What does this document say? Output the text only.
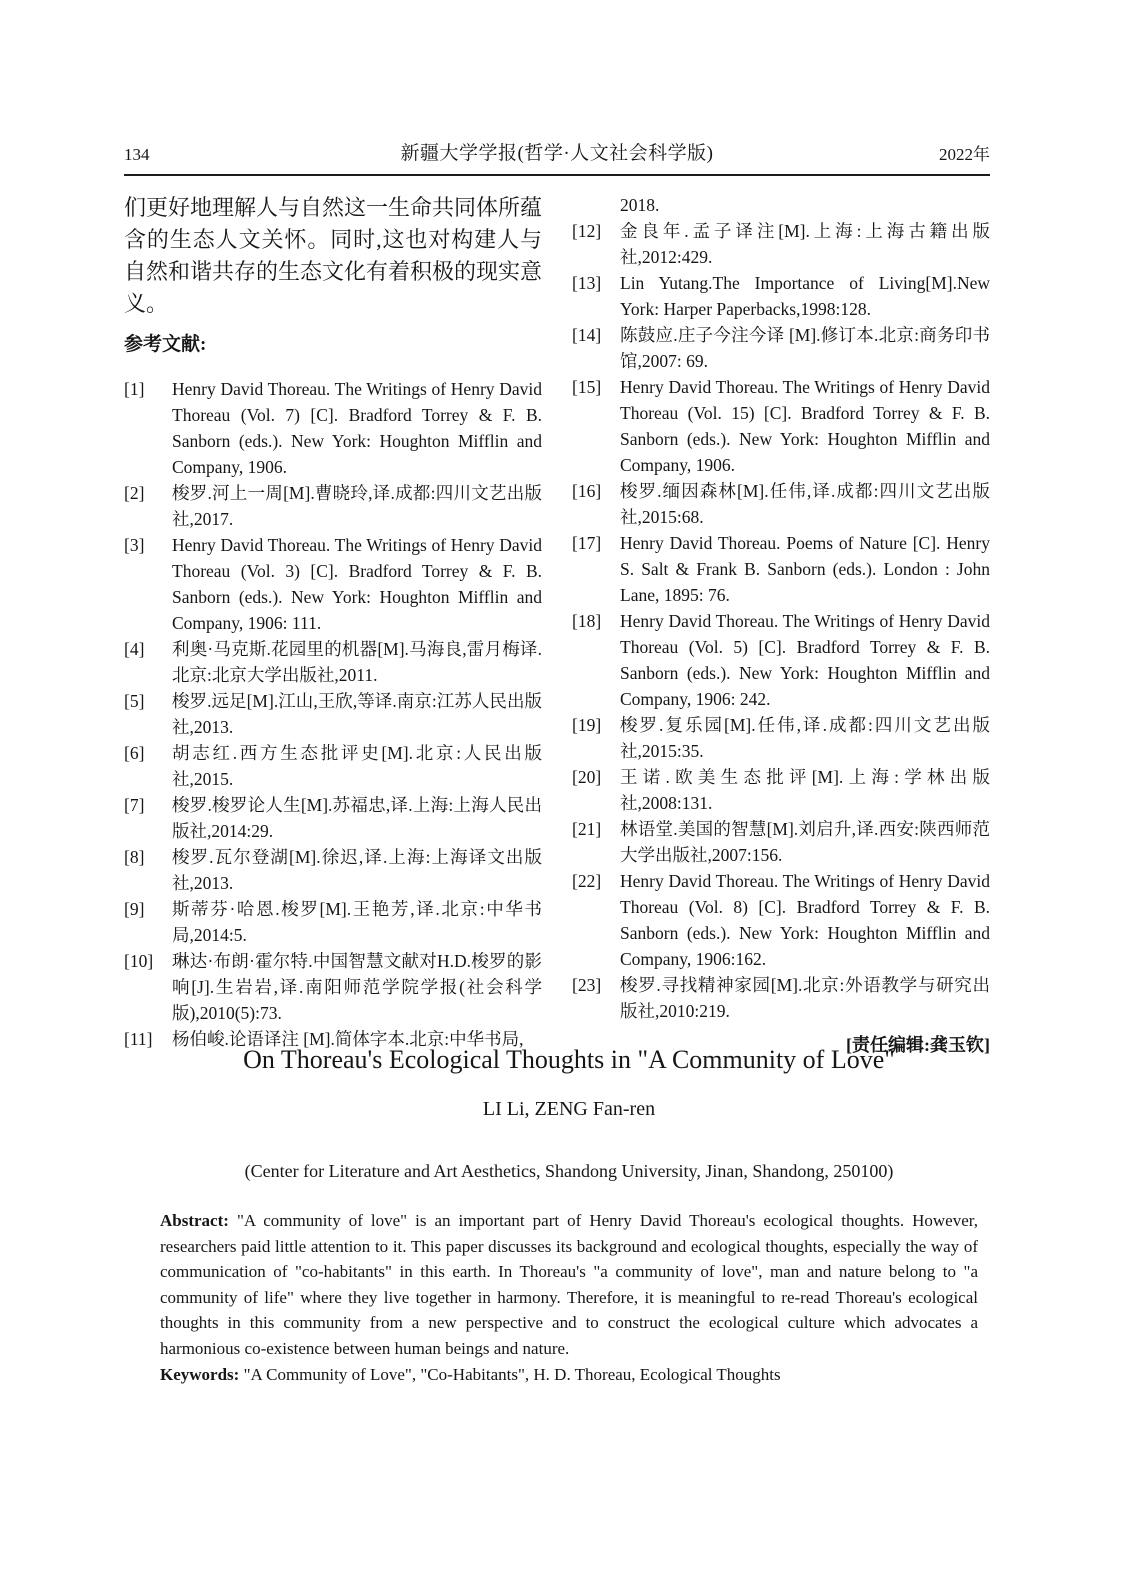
134	新疆大学学报(哲学·人文社会科学版)	2022年

们更好地理解人与自然这一生命共同体所蕴含的生态人文关怀。同时,这也对构建人与自然和谐共存的生态文化有着积极的现实意义。

参考文献:
[1]	Henry David Thoreau. The Writings of Henry David Thoreau (Vol. 7) [C]. Bradford Torrey & F. B. Sanborn (eds.). New York: Houghton Mifflin and Company, 1906.
[2]	梭罗.河上一周[M].曹晓玲,译.成都:四川文艺出版社,2017.
[3]	Henry David Thoreau. The Writings of Henry David Thoreau (Vol. 3) [C]. Bradford Torrey & F. B. Sanborn (eds.). New York: Houghton Mifflin and Company, 1906: 111.
[4]	利奥·马克斯.花园里的机器[M].马海良,雷月梅译.北京:北京大学出版社,2011.
[5]	梭罗.远足[M].江山,王欣,等译.南京:江苏人民出版社,2013.
[6]	胡志红.西方生态批评史[M].北京:人民出版社,2015.
[7]	梭罗.梭罗论人生[M].苏福忠,译.上海:上海人民出版社,2014:29.
[8]	梭罗.瓦尔登湖[M].徐迟,译.上海:上海译文出版社,2013.
[9]	斯蒂芬·哈恩.梭罗[M].王艳芳,译.北京:中华书局,2014:5.
[10]	琳达·布朗·霍尔特.中国智慧文献对H.D.梭罗的影响[J].生岩岩,译.南阳师范学院学报(社会科学版),2010(5):73.
[11]	杨伯峻.论语译注 [M].简体字本.北京:中华书局,
2018.
[12]	金良年.孟子译注[M].上海:上海古籍出版社,2012:429.
[13]	Lin Yutang.The Importance of Living[M].New York: Harper Paperbacks,1998:128.
[14]	陈鼓应.庄子今注今译 [M].修订本.北京:商务印书馆,2007: 69.
[15]	Henry David Thoreau. The Writings of Henry David Thoreau (Vol. 15) [C]. Bradford Torrey & F. B. Sanborn (eds.). New York: Houghton Mifflin and Company, 1906.
[16]	梭罗.缅因森林[M].任伟,译.成都:四川文艺出版社,2015:68.
[17]	Henry David Thoreau. Poems of Nature [C]. Henry S. Salt & Frank B. Sanborn (eds.). London : John Lane, 1895: 76.
[18]	Henry David Thoreau. The Writings of Henry David Thoreau (Vol. 5) [C]. Bradford Torrey & F. B. Sanborn (eds.). New York: Houghton Mifflin and Company, 1906: 242.
[19]	梭罗.复乐园[M].任伟,译.成都:四川文艺出版社,2015:35.
[20]	王诺.欧美生态批评[M].上海:学林出版社,2008:131.
[21]	林语堂.美国的智慧[M].刘启升,译.西安:陕西师范大学出版社,2007:156.
[22]	Henry David Thoreau. The Writings of Henry David Thoreau (Vol. 8) [C]. Bradford Torrey & F. B. Sanborn (eds.). New York: Houghton Mifflin and Company, 1906:162.
[23]	梭罗.寻找精神家园[M].北京:外语教学与研究出版社,2010:219.
[责任编辑:龚玉钦]
On Thoreau's Ecological Thoughts in "A Community of Love"
LI Li, ZENG Fan-ren
(Center for Literature and Art Aesthetics, Shandong University, Jinan, Shandong, 250100)

Abstract: "A community of love" is an important part of Henry David Thoreau's ecological thoughts. However, researchers paid little attention to it. This paper discusses its background and ecological thoughts, especially the way of communication of "co-habitants" in this earth. In Thoreau's "a community of love", man and nature belong to "a community of life" where they live together in harmony. Therefore, it is meaningful to re-read Thoreau's ecological thoughts in this community from a new perspective and to construct the ecological culture which advocates a harmonious co-existence between human beings and nature.

Keywords: "A Community of Love", "Co-Habitants", H. D. Thoreau, Ecological Thoughts
